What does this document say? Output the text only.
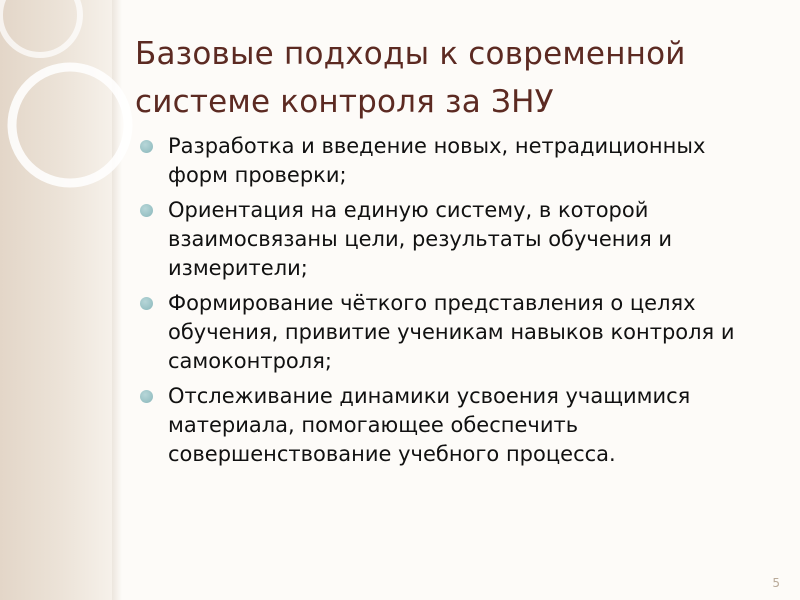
Базовые подходы к современной системе контроля за ЗНУ
Разработка и введение новых, нетрадиционных форм проверки;
Ориентация на единую систему, в которой взаимосвязаны цели, результаты обучения и измерители;
Формирование чёткого представления о целях обучения, привитие ученикам навыков контроля и самоконтроля;
Отслеживание динамики усвоения учащимися материала, помогающее обеспечить совершенствование учебного процесса.
5
